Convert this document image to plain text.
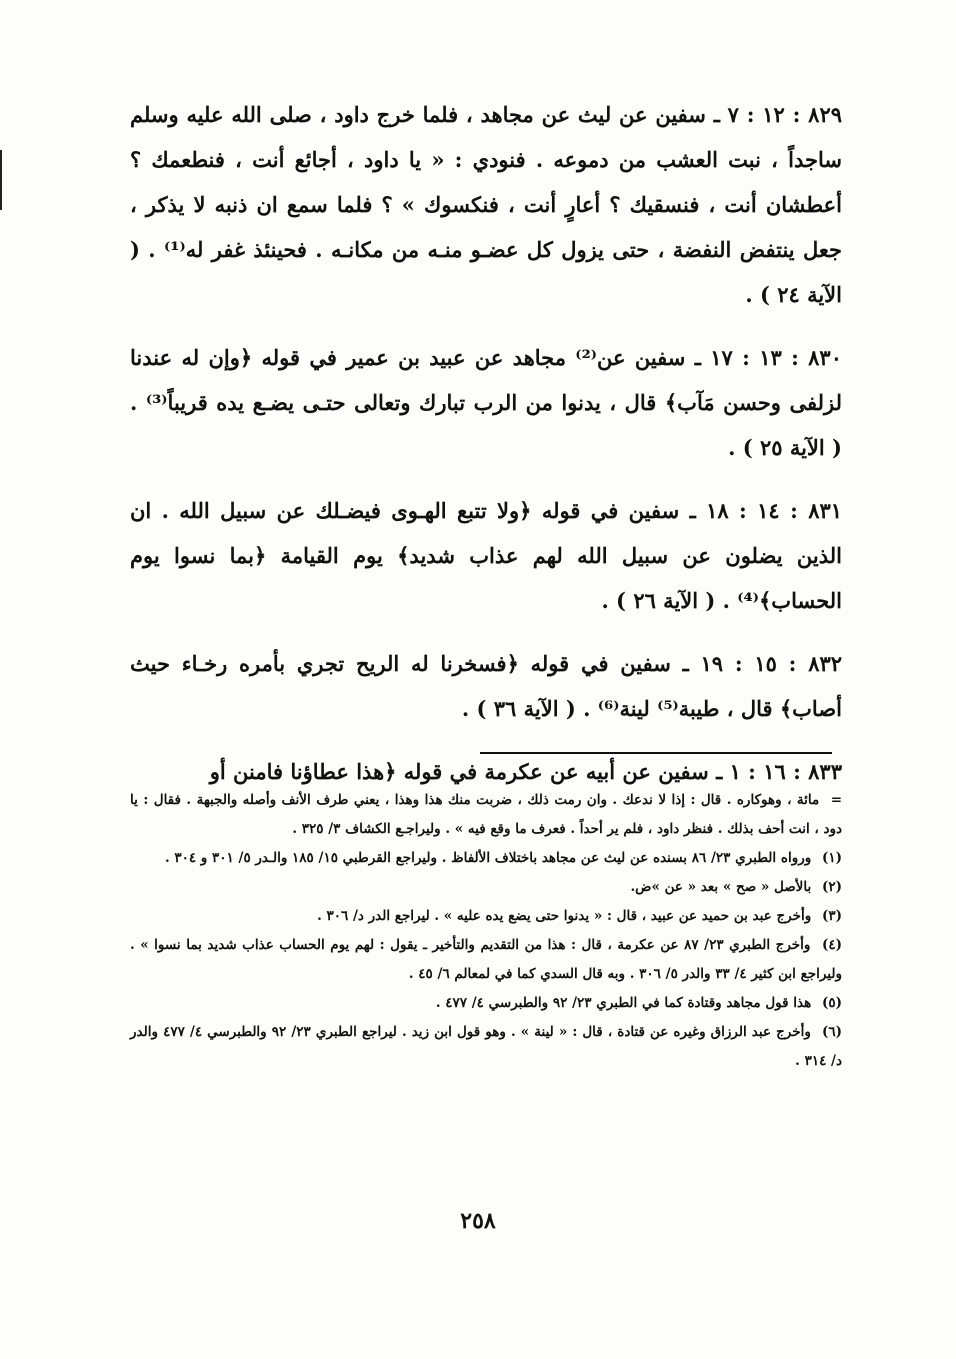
٨٢٩ : ١٢ : ٧ ـ سفين عن ليث عن مجاهد ، فلما خرج داود ، صلى الله عليه وسلم ساجداً ، نبت العشب من دموعه . فنودي : « يا داود ، أجائع أنت ، فنطعمك ؟ أعطشان أنت ، فنسقيك ؟ أعارٍ أنت ، فنكسوك » ؟ فلما سمع ان ذنبه لا يذكر ، جعل ينتفض النفضة ، حتى يزول كل عضـو منـه من مكانـه . فحينئذ غفر له⁽¹⁾ . ( الآية ٢٤ ) .

٨٣٠ : ١٣ : ١٧ ـ سفين عن⁽²⁾ مجاهد عن عبيد بن عمير في قوله ﴿وإن له عندنا لزلفى وحسن مَآب﴾ قال ، يدنوا من الرب تبارك وتعالى حتـى يضـع يده قريباً⁽³⁾ . ( الآية ٢٥ ) .

٨٣١ : ١٤ : ١٨ ـ سفين في قوله ﴿ولا تتبع الهـوى فيضـلك عن سبيل الله . ان الذين يضلون عن سبيل الله لهم عذاب شديد﴾ يوم القيامة ﴿بما نسوا يوم الحساب﴾⁽⁴⁾ . ( الآية ٢٦ ) .

٨٣٢ : ١٥ : ١٩ ـ سفين في قوله ﴿فسخرنا له الريح تجري بأمره رخـاء حيث أصاب﴾ قال ، طيبة⁽⁵⁾ لينة⁽⁶⁾ . ( الآية ٣٦ ) .

٨٣٣ : ١٦ : ١ ـ سفين عن أبيه عن عكرمة في قوله ﴿هذا عطاؤنا فامنن أو

= مائة ، وهوكاره . قال : إذا لا ندعك . وان رمت ذلك ، ضربت منك هذا وهذا ، يعني طرف الأنف وأصله والجبهة . فقال : يا دود ، انت أحف بذلك . فنظر داود ، فلم ير أحداً . فعرف ما وقع فيه » . وليراجـع الكشاف ٣/ ٣٢٥ .

(١) ورواه الطبري ٢٣/ ٨٦ بسنده عن ليث عن مجاهد باختلاف الألفاظ . وليراجع القرطبي ١٥/ ١٨٥ والـدر ٥/ ٣٠١ و ٣٠٤ .

(٢) بالأصل « صح » بعد « عن »ض.

(٣) وأخرج عبد بن حميد عن عبيد ، قال : « يدنوا حتى يضع يده عليه » . ليراجع الدر د/ ٣٠٦ .

(٤) وأخرج الطبري ٢٣/ ٨٧ عن عكرمة ، قال : هذا من التقديم والتأخير ـ يقول : لهم يوم الحساب عذاب شديد بما نسوا » . وليراجع ابن كثير ٤/ ٣٣ والدر ٥/ ٣٠٦ . وبه قال السدي كما في لمعالم ٦/ ٤٥ .

(٥) هذا قول مجاهد وقتادة كما في الطبري ٢٣/ ٩٢ والطبرسي ٤/ ٤٧٧ .

(٦) وأخرج عبد الرزاق وغيره عن قتادة ، قال : « لينة » . وهو قول ابن زيد . ليراجع الطبري ٢٣/ ٩٢ والطبرسي ٤/ ٤٧٧ والدر د/ ٣١٤ .

٢٥٨
